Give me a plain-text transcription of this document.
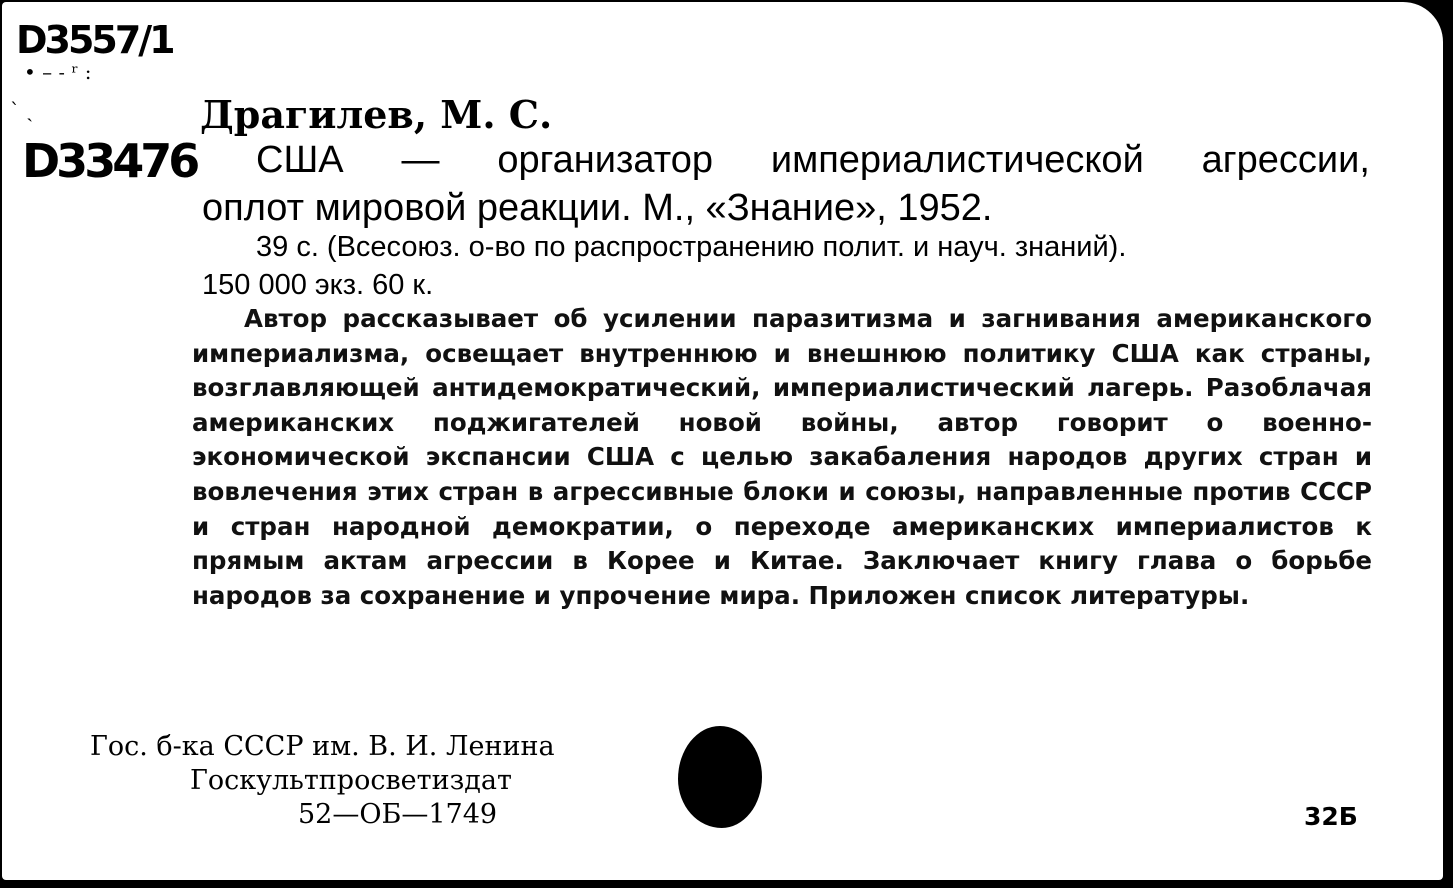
D3557/1
• – ˗ ʳ :
ˋ ˏ
D33476
Драгилев, М. С.
США — организатор империалистической агрессии,
оплот мировой реакции. М., «Знание», 1952.
39 с. (Всесоюз. о-во по распространению полит. и науч. знаний).
150 000 экз. 60 к.
Автор рассказывает об усилении паразитизма и загнивания американского империализма, освещает внутреннюю и внешнюю политику США как страны, возглавляющей антидемократический, империалистический лагерь. Разоблачая американских поджигателей новой войны, автор говорит о военно-экономической экспансии США с целью закабаления народов других стран и вовлечения этих стран в агрессивные блоки и союзы, направленные против СССР и стран народной демократии, о переходе американских империалистов к прямым актам агрессии в Корее и Китае. Заключает книгу глава о борьбе народов за сохранение и упрочение мира. Приложен список литературы.
Гос. б-ка СССР им. В. И. Ленина
Госкультпросветиздат
52—ОБ—1749	32Б
